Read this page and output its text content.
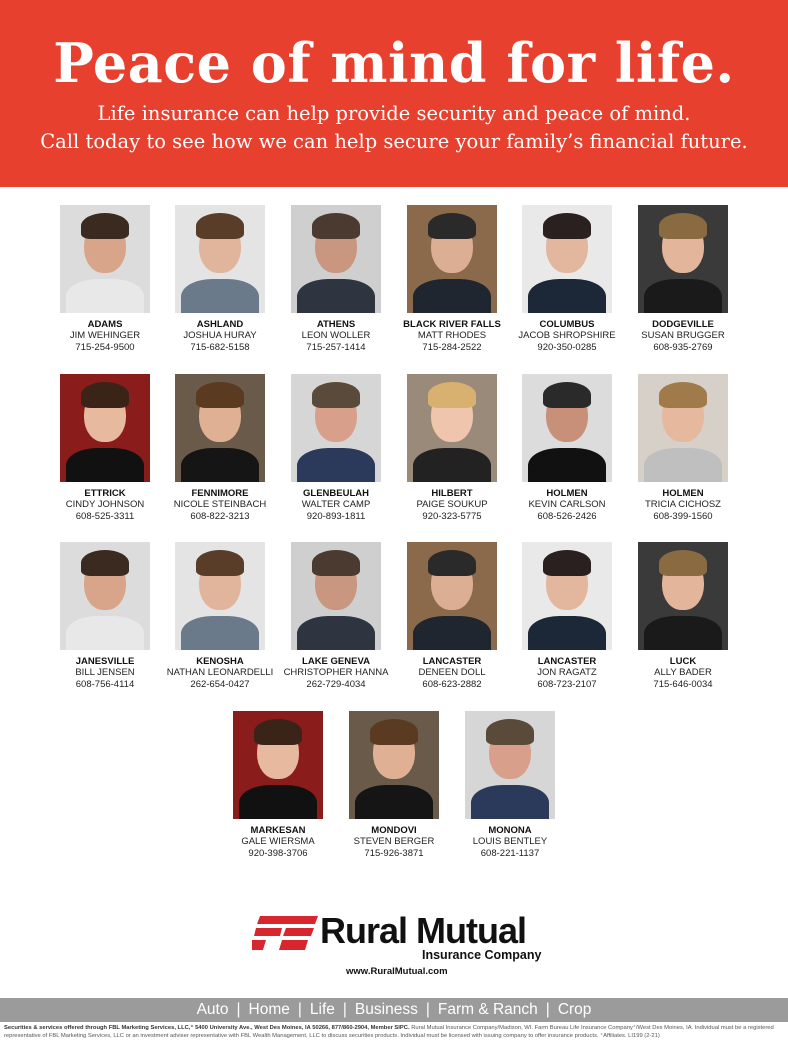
Peace of mind for life.
Life insurance can help provide security and peace of mind.
Call today to see how we can help secure your family’s financial future.
ADAMS
JIM WEHINGER
715-254-9500
ASHLAND
JOSHUA HURAY
715-682-5158
ATHENS
LEON WOLLER
715-257-1414
BLACK RIVER FALLS
MATT RHODES
715-284-2522
COLUMBUS
JACOB SHROPSHIRE
920-350-0285
DODGEVILLE
SUSAN BRUGGER
608-935-2769
ETTRICK
CINDY JOHNSON
608-525-3311
FENNIMORE
NICOLE STEINBACH
608-822-3213
GLENBEULAH
WALTER CAMP
920-893-1811
HILBERT
PAIGE SOUKUP
920-323-5775
HOLMEN
KEVIN CARLSON
608-526-2426
HOLMEN
TRICIA CICHOSZ
608-399-1560
JANESVILLE
BILL JENSEN
608-756-4114
KENOSHA
NATHAN LEONARDELLI
262-654-0427
LAKE GENEVA
CHRISTOPHER HANNA
262-729-4034
LANCASTER
DENEEN DOLL
608-623-2882
LANCASTER
JON RAGATZ
608-723-2107
LUCK
ALLY BADER
715-646-0034
MARKESAN
GALE WIERSMA
920-398-3706
MONDOVI
STEVEN BERGER
715-926-3871
MONONA
LOUIS BENTLEY
608-221-1137
Rural Mutual
Insurance Company
www.RuralMutual.com
Auto | Home | Life | Business | Farm & Ranch | Crop
Securities & services offered through FBL Marketing Services, LLC,⁺ 5400 University Ave., West Des Moines, IA 50266, 877/860-2904, Member SIPC. Rural Mutual Insurance Company/Madison, WI. Farm Bureau Life Insurance Company⁺/West Des Moines, IA. Individual must be a registered representative of FBL Marketing Services, LLC or an investment adviser representative with FBL Wealth Management, LLC to discuss securities products. Individual must be licensed with issuing company to offer insurance products. ⁺Affiliates. LI199 (2-21)
